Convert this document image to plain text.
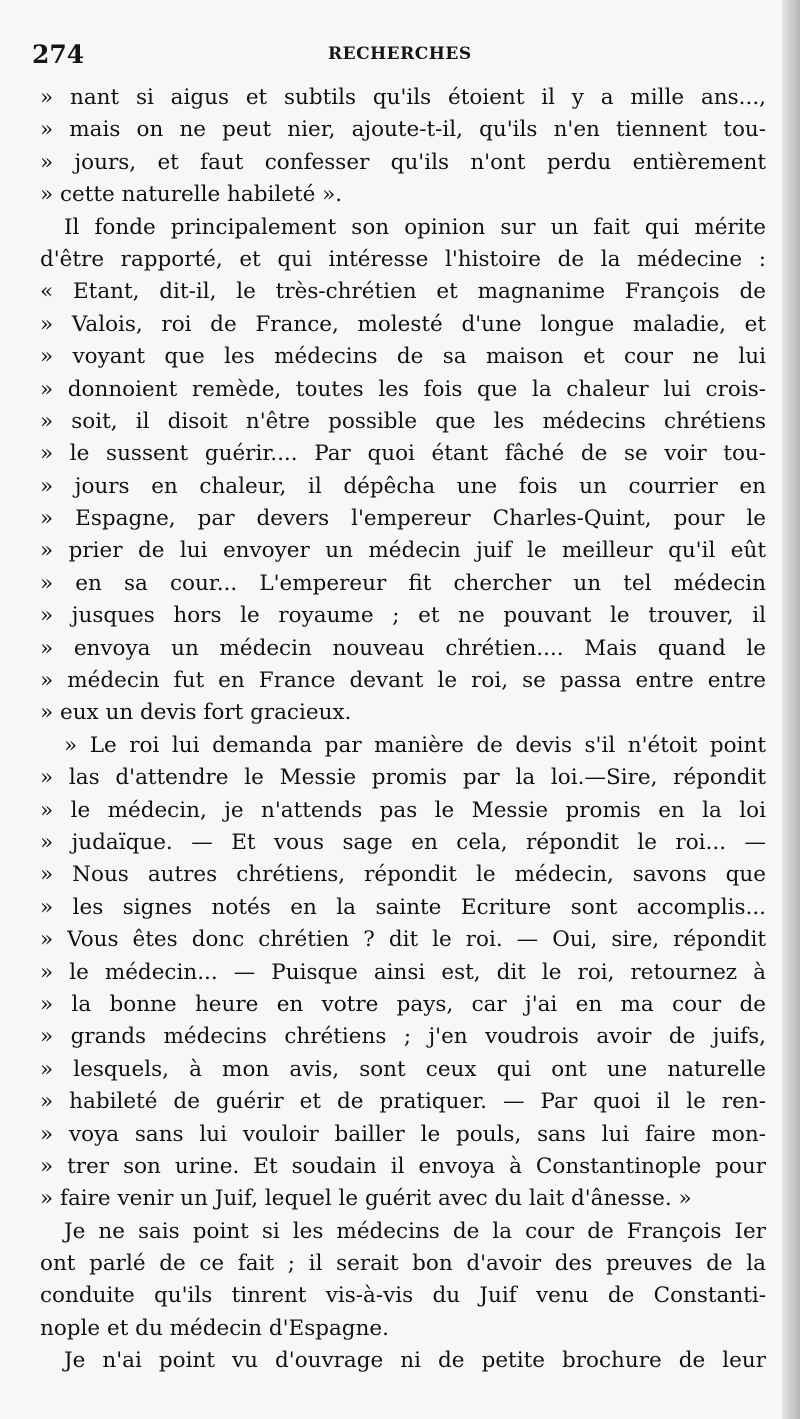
274	RECHERCHES
» nant si aigus et subtils qu'ils étoient il y a mille ans...,
» mais on ne peut nier, ajoute-t-il, qu'ils n'en tiennent tou-
» jours, et faut confesser qu'ils n'ont perdu entièrement
» cette naturelle habileté ».
Il fonde principalement son opinion sur un fait qui mérite
d'être rapporté, et qui intéresse l'histoire de la médecine :
« Etant, dit-il, le très-chrétien et magnanime François de
» Valois, roi de France, molesté d'une longue maladie, et
» voyant que les médecins de sa maison et cour ne lui
» donnoient remède, toutes les fois que la chaleur lui crois-
» soit, il disoit n'être possible que les médecins chrétiens
» le sussent guérir.... Par quoi étant fâché de se voir tou-
» jours en chaleur, il dépêcha une fois un courrier en
» Espagne, par devers l'empereur Charles-Quint, pour le
» prier de lui envoyer un médecin juif le meilleur qu'il eût
» en sa cour... L'empereur fit chercher un tel médecin
» jusques hors le royaume ; et ne pouvant le trouver, il
» envoya un médecin nouveau chrétien.... Mais quand le
» médecin fut en France devant le roi, se passa entre entre
» eux un devis fort gracieux.
» Le roi lui demanda par manière de devis s'il n'étoit point
» las d'attendre le Messie promis par la loi.—Sire, répondit
» le médecin, je n'attends pas le Messie promis en la loi
» judaïque. — Et vous sage en cela, répondit le roi... —
» Nous autres chrétiens, répondit le médecin, savons que
» les signes notés en la sainte Ecriture sont accomplis...
» Vous êtes donc chrétien ? dit le roi. — Oui, sire, répondit
» le médecin... — Puisque ainsi est, dit le roi, retournez à
» la bonne heure en votre pays, car j'ai en ma cour de
» grands médecins chrétiens ; j'en voudrois avoir de juifs,
» lesquels, à mon avis, sont ceux qui ont une naturelle
» habileté de guérir et de pratiquer. — Par quoi il le ren-
» voya sans lui vouloir bailler le pouls, sans lui faire mon-
» trer son urine. Et soudain il envoya à Constantinople pour
» faire venir un Juif, lequel le guérit avec du lait d'ânesse. »
Je ne sais point si les médecins de la cour de François Ier
ont parlé de ce fait ; il serait bon d'avoir des preuves de la
conduite qu'ils tinrent vis-à-vis du Juif venu de Constanti-
nople et du médecin d'Espagne.
Je n'ai point vu d'ouvrage ni de petite brochure de leur
